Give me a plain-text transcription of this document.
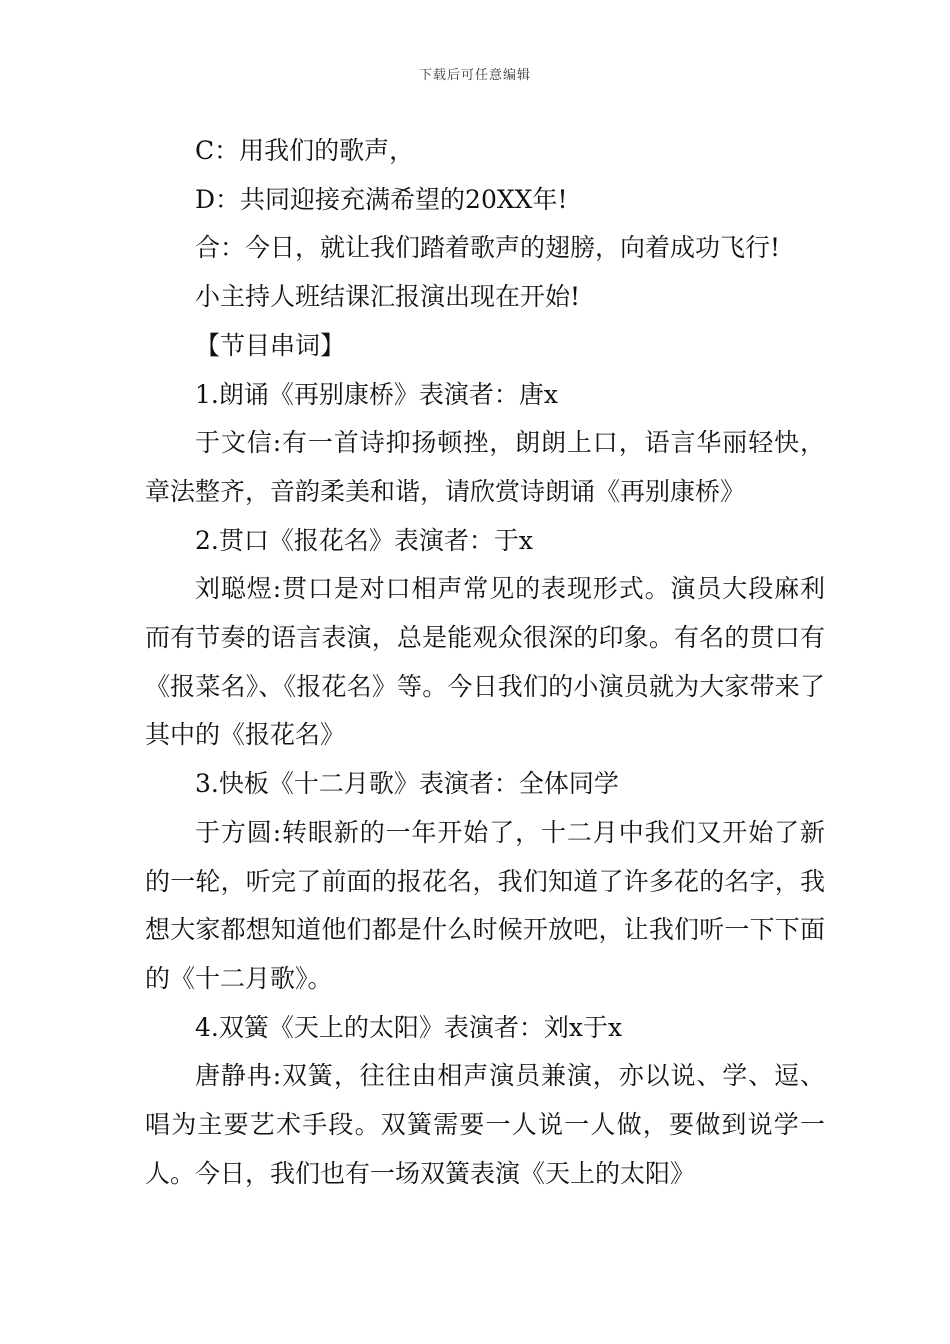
下载后可任意编辑

C：用我们的歌声，

D：共同迎接充满希望的20XX年!

合：今日，就让我们踏着歌声的翅膀，向着成功飞行!

小主持人班结课汇报演出现在开始!

【节目串词】

1.朗诵《再别康桥》表演者：唐x

于文信:有一首诗抑扬顿挫，朗朗上口，语言华丽轻快，章法整齐，音韵柔美和谐，请欣赏诗朗诵《再别康桥》

2.贯口《报花名》表演者：于x

刘聪煜:贯口是对口相声常见的表现形式。演员大段麻利而有节奏的语言表演，总是能观众很深的印象。有名的贯口有《报菜名》、《报花名》等。今日我们的小演员就为大家带来了其中的《报花名》

3.快板《十二月歌》表演者：全体同学

于方圆:转眼新的一年开始了，十二月中我们又开始了新的一轮，听完了前面的报花名，我们知道了许多花的名字，我想大家都想知道他们都是什么时候开放吧，让我们听一下下面的《十二月歌》。

4.双簧《天上的太阳》表演者：刘x于x

唐静冉:双簧，往往由相声演员兼演，亦以说、学、逗、唱为主要艺术手段。双簧需要一人说一人做，要做到说学一人。今日，我们也有一场双簧表演《天上的太阳》
